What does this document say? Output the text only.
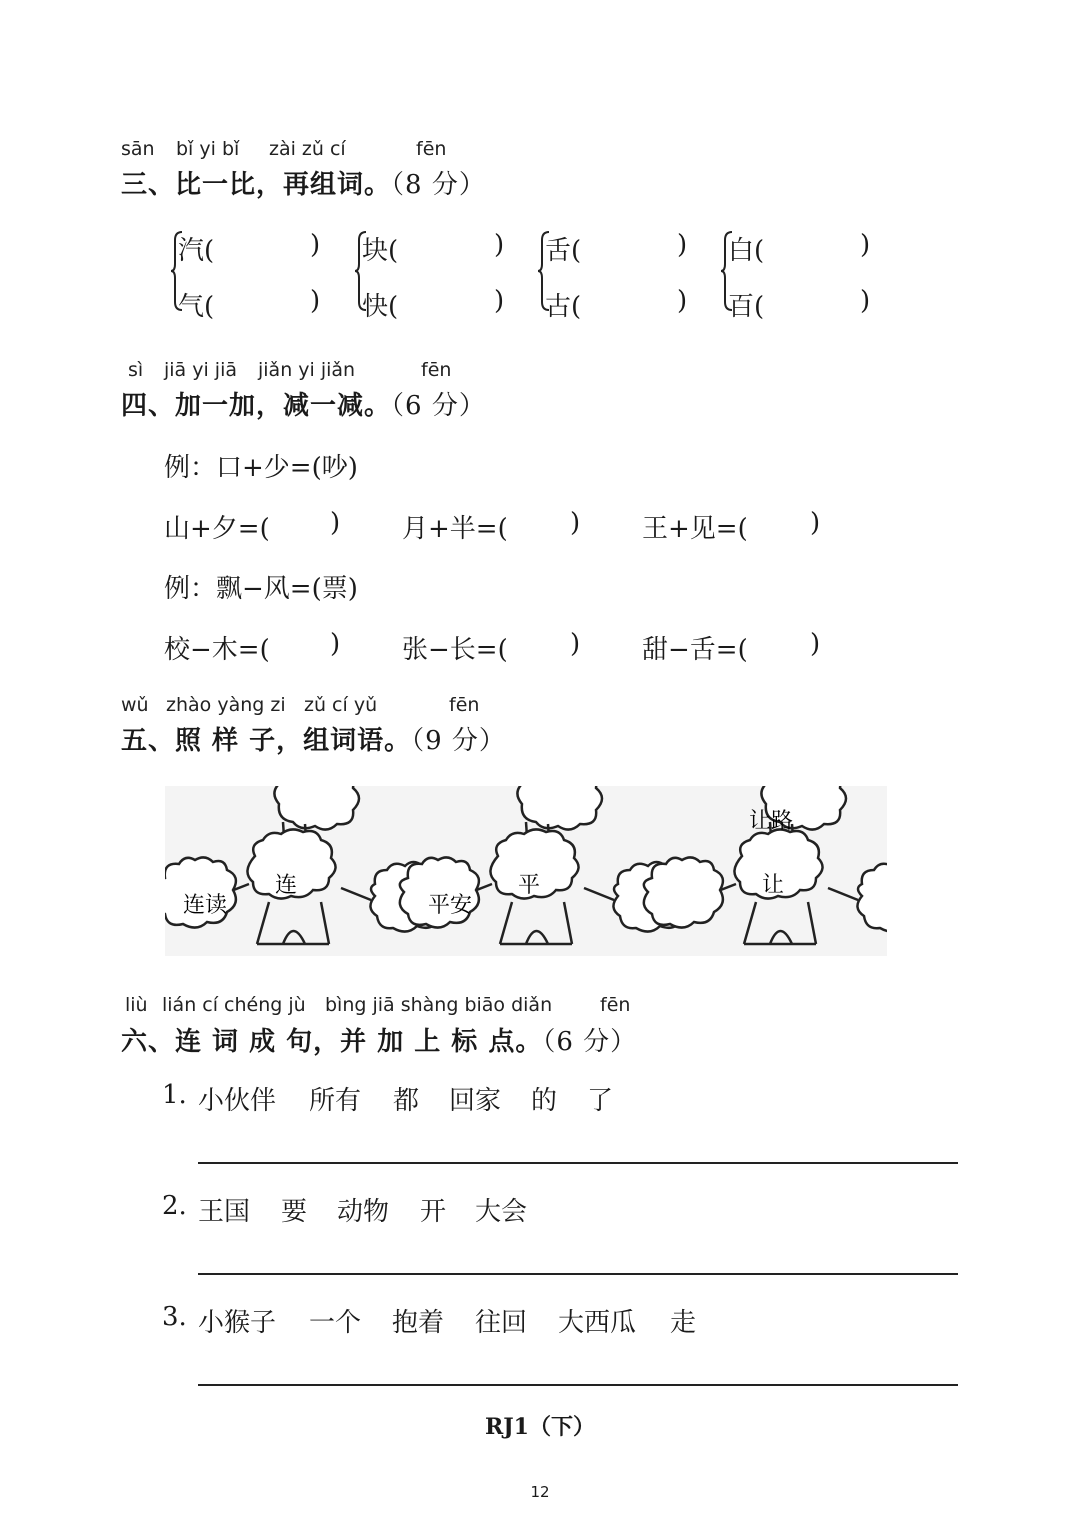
sān bǐ yi bǐ zài zǔ cí	fēn
三、比一比，再组词。（8 分）
汽(	)
气(	)
块(	)
快(	)
舌(	)
古(	)
白(	)
百(	)
sì jiā yi jiā jiǎn yi jiǎn	fēn
四、加一加，减一减。（6 分）
例：口+少=(吵)
山+夕=( ) 月+半=( ) 王+见=( )
例：飘−风=(票)
校−木=( ) 张−长=( ) 甜−舌=( )
wǔ zhào yàng zi zǔ cí yǔ	fēn
五、照 样 子，组词语。（9 分）
连
连读
平
平安
让
让路
liù lián cí chéng jù bìng jiā shàng biāo diǎn	fēn
六、连 词 成 句，并 加 上 标 点。（6 分）
1. 小伙伴 所有 都 回家 的 了
2. 王国 要 动物 开 大会
3. 小猴子 一个 抱着 往回 大西瓜 走
RJ1（下）
12
